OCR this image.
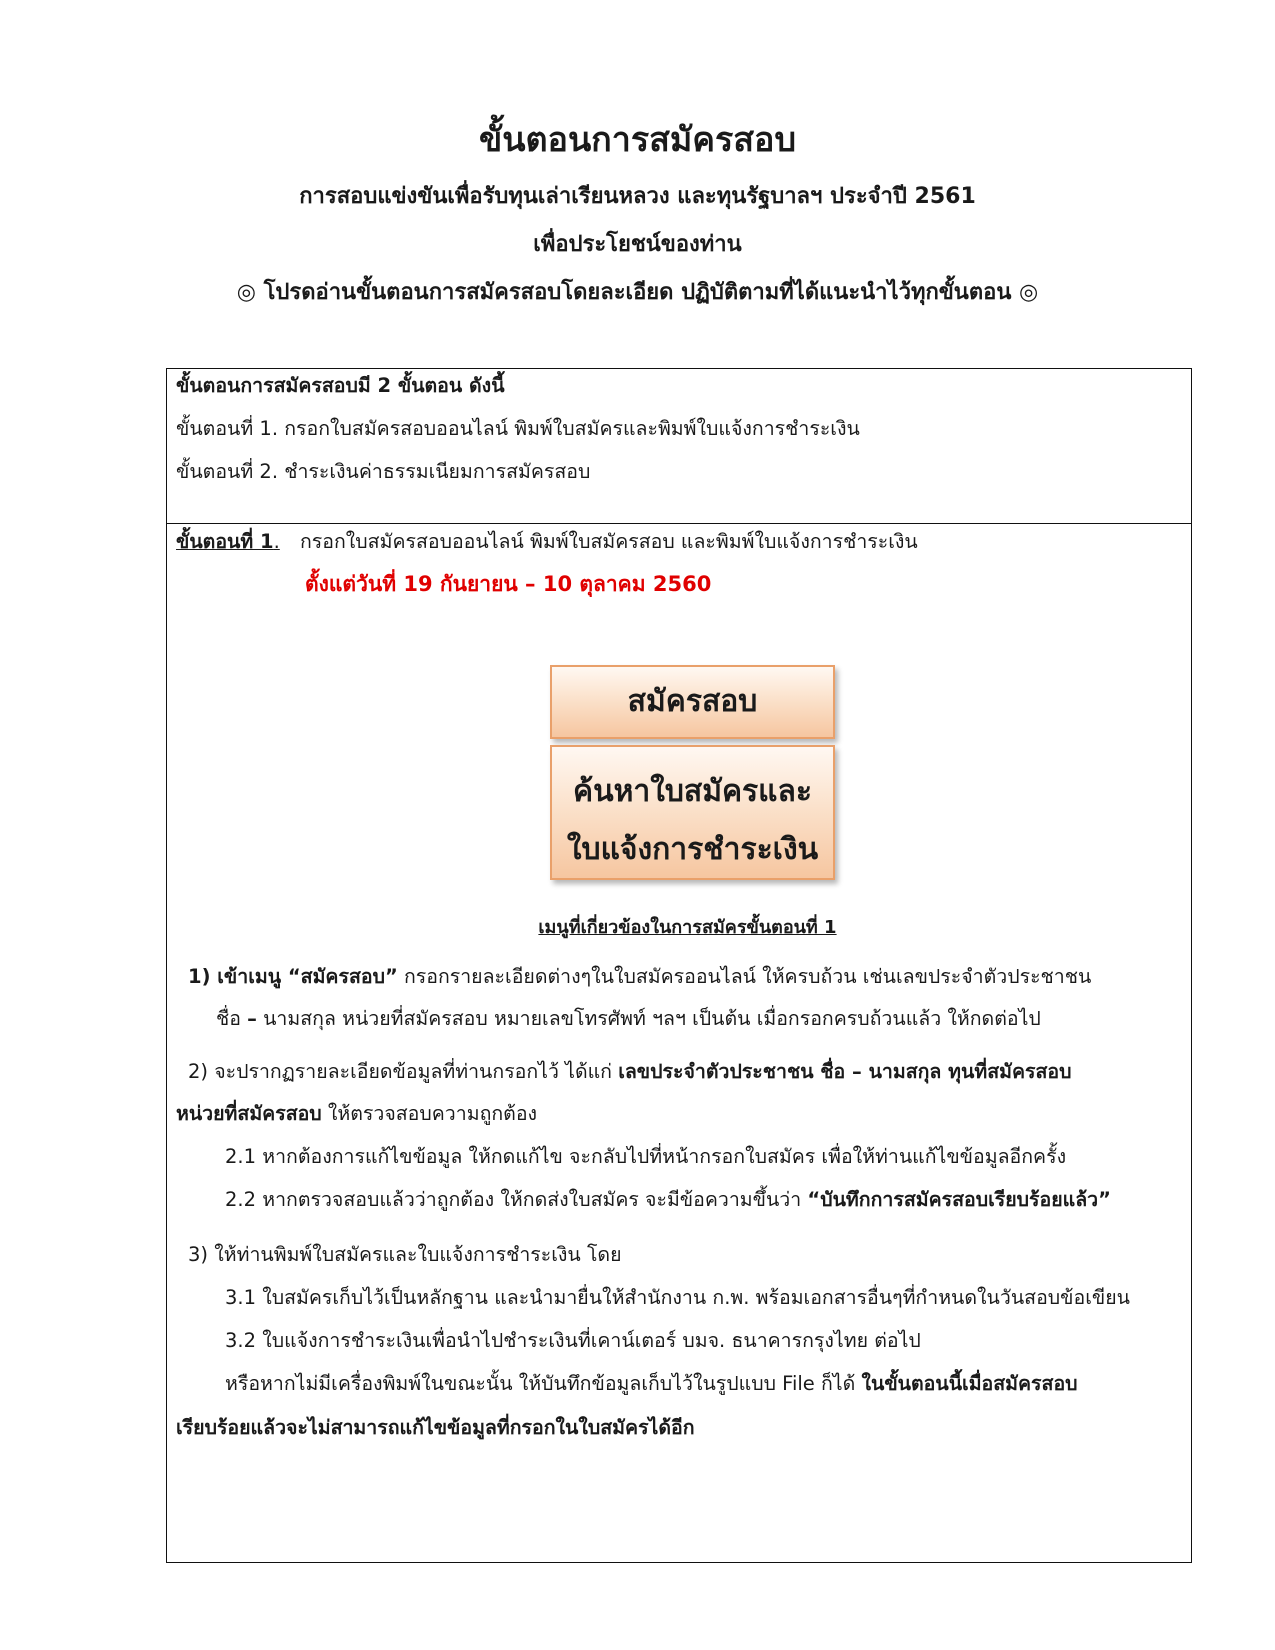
ขั้นตอนการสมัครสอบ
การสอบแข่งขันเพื่อรับทุนเล่าเรียนหลวง และทุนรัฐบาลฯ ประจำปี 2561
เพื่อประโยชน์ของท่าน
◎ โปรดอ่านขั้นตอนการสมัครสอบโดยละเอียด ปฏิบัติตามที่ได้แนะนำไว้ทุกขั้นตอน ◎
ขั้นตอนการสมัครสอบมี 2 ขั้นตอน ดังนี้
ขั้นตอนที่ 1. กรอกใบสมัครสอบออนไลน์ พิมพ์ใบสมัครและพิมพ์ใบแจ้งการชำระเงิน
ขั้นตอนที่ 2. ชำระเงินค่าธรรมเนียมการสมัครสอบ
ขั้นตอนที่ 1. กรอกใบสมัครสอบออนไลน์ พิมพ์ใบสมัครสอบ และพิมพ์ใบแจ้งการชำระเงิน
ตั้งแต่วันที่ 19 กันยายน – 10 ตุลาคม 2560
สมัครสอบ
ค้นหาใบสมัครและ
ใบแจ้งการชำระเงิน
เมนูที่เกี่ยวข้องในการสมัครขั้นตอนที่ 1
1) เข้าเมนู “สมัครสอบ” กรอกรายละเอียดต่างๆในใบสมัครออนไลน์ ให้ครบถ้วน เช่นเลขประจำตัวประชาชน
ชื่อ – นามสกุล หน่วยที่สมัครสอบ หมายเลขโทรศัพท์ ฯลฯ เป็นต้น เมื่อกรอกครบถ้วนแล้ว ให้กดต่อไป
2) จะปรากฏรายละเอียดข้อมูลที่ท่านกรอกไว้ ได้แก่ เลขประจำตัวประชาชน ชื่อ – นามสกุล ทุนที่สมัครสอบ
หน่วยที่สมัครสอบ ให้ตรวจสอบความถูกต้อง
2.1 หากต้องการแก้ไขข้อมูล ให้กดแก้ไข จะกลับไปที่หน้ากรอกใบสมัคร เพื่อให้ท่านแก้ไขข้อมูลอีกครั้ง
2.2 หากตรวจสอบแล้วว่าถูกต้อง ให้กดส่งใบสมัคร จะมีข้อความขึ้นว่า “บันทึกการสมัครสอบเรียบร้อยแล้ว”
3) ให้ท่านพิมพ์ใบสมัครและใบแจ้งการชำระเงิน โดย
3.1 ใบสมัครเก็บไว้เป็นหลักฐาน และนำมายื่นให้สำนักงาน ก.พ. พร้อมเอกสารอื่นๆที่กำหนดในวันสอบข้อเขียน
3.2 ใบแจ้งการชำระเงินเพื่อนำไปชำระเงินที่เคาน์เตอร์ บมจ. ธนาคารกรุงไทย ต่อไป
หรือหากไม่มีเครื่องพิมพ์ในขณะนั้น ให้บันทึกข้อมูลเก็บไว้ในรูปแบบ File ก็ได้ ในขั้นตอนนี้เมื่อสมัครสอบ
เรียบร้อยแล้วจะไม่สามารถแก้ไขข้อมูลที่กรอกในใบสมัครได้อีก
